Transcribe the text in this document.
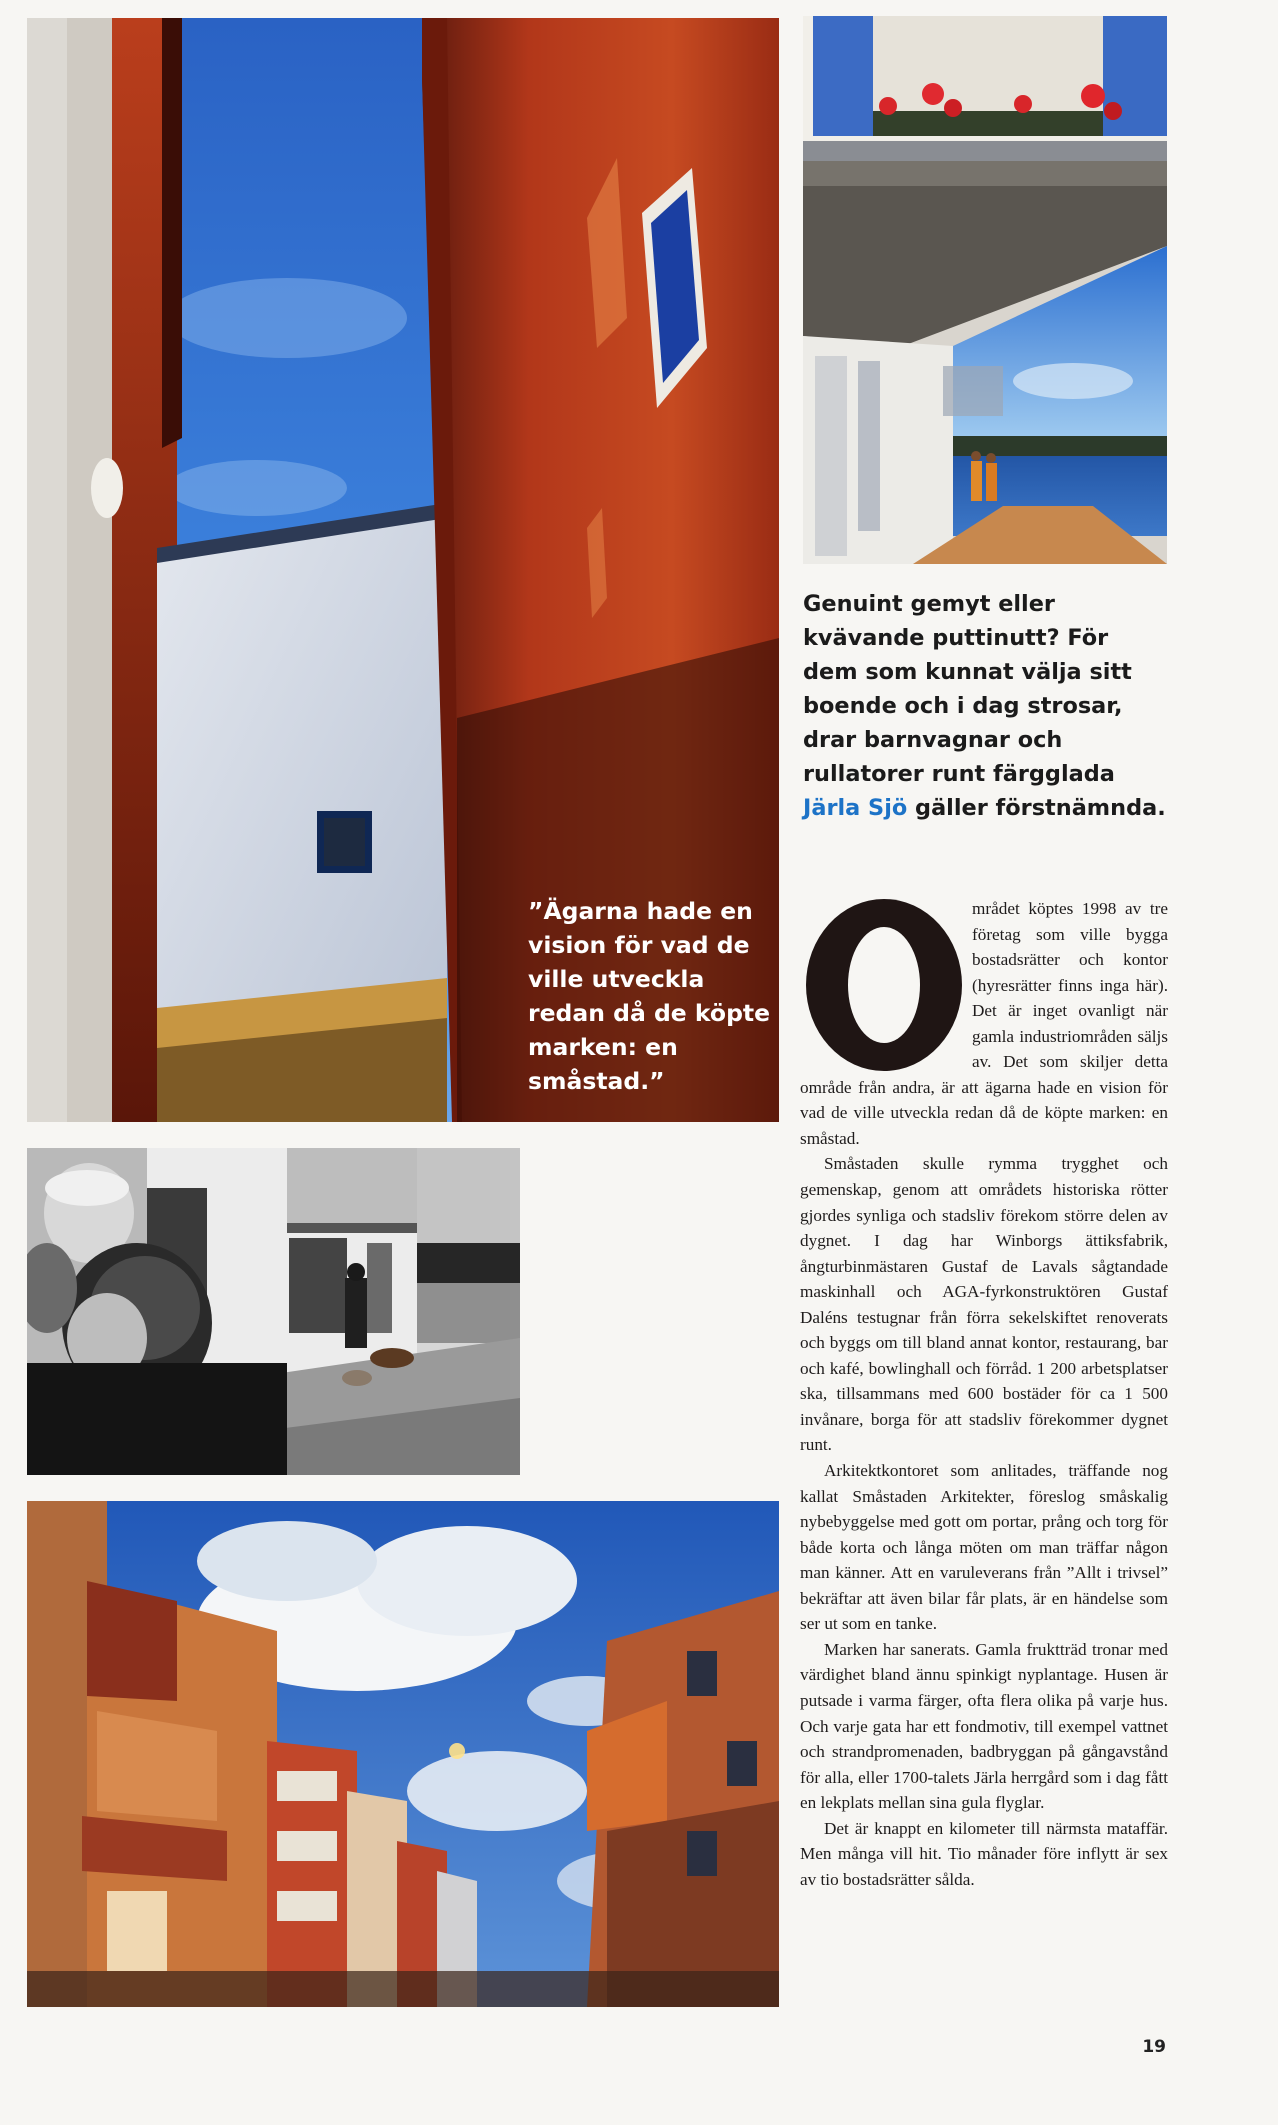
”Ägarna hade en vision för vad de ville utveckla redan då de köpte marken: en småstad.”

Genuint gemyt eller kvävande puttinutt? För dem som kunnat välja sitt boende och i dag strosar, drar barnvagnar och rullatorer runt färgglada Järla Sjö gäller förstnämnda.

mrådet köptes 1998 av tre företag som ville bygga bostadsrätter och kontor (hyresrätter finns inga här). Det är inget ovanligt när gamla industriområden säljs av. Det som skiljer detta område från andra, är att ägarna hade en vision för vad de ville utveckla redan då de köpte marken: en småstad.

Småstaden skulle rymma trygghet och gemenskap, genom att områdets historiska rötter gjordes synliga och stadsliv förekom större delen av dygnet. I dag har Winborgs ättiksfabrik, ångturbinmästaren Gustaf de Lavals sågtandade maskinhall och AGA-fyrkonstruktören Gustaf Daléns testugnar från förra sekelskiftet renoverats och byggs om till bland annat kontor, restaurang, bar och kafé, bowlinghall och förråd. 1 200 arbetsplatser ska, tillsammans med 600 bostäder för ca 1 500 invånare, borga för att stadsliv förekommer dygnet runt.

Arkitektkontoret som anlitades, träffande nog kallat Småstaden Arkitekter, föreslog småskalig nybebyggelse med gott om portar, prång och torg för både korta och långa möten om man träffar någon man känner. Att en varuleverans från ”Allt i trivsel” bekräftar att även bilar får plats, är en händelse som ser ut som en tanke.

Marken har sanerats. Gamla fruktträd tronar med värdighet bland ännu spinkigt nyplantage. Husen är putsade i varma färger, ofta flera olika på varje hus. Och varje gata har ett fondmotiv, till exempel vattnet och strandpromenaden, badbryggan på gångavstånd för alla, eller 1700-talets Järla herrgård som i dag fått en lekplats mellan sina gula flyglar.

Det är knappt en kilometer till närmsta mataffär. Men många vill hit. Tio månader före inflytt är sex av tio bostadsrätter sålda.

19
